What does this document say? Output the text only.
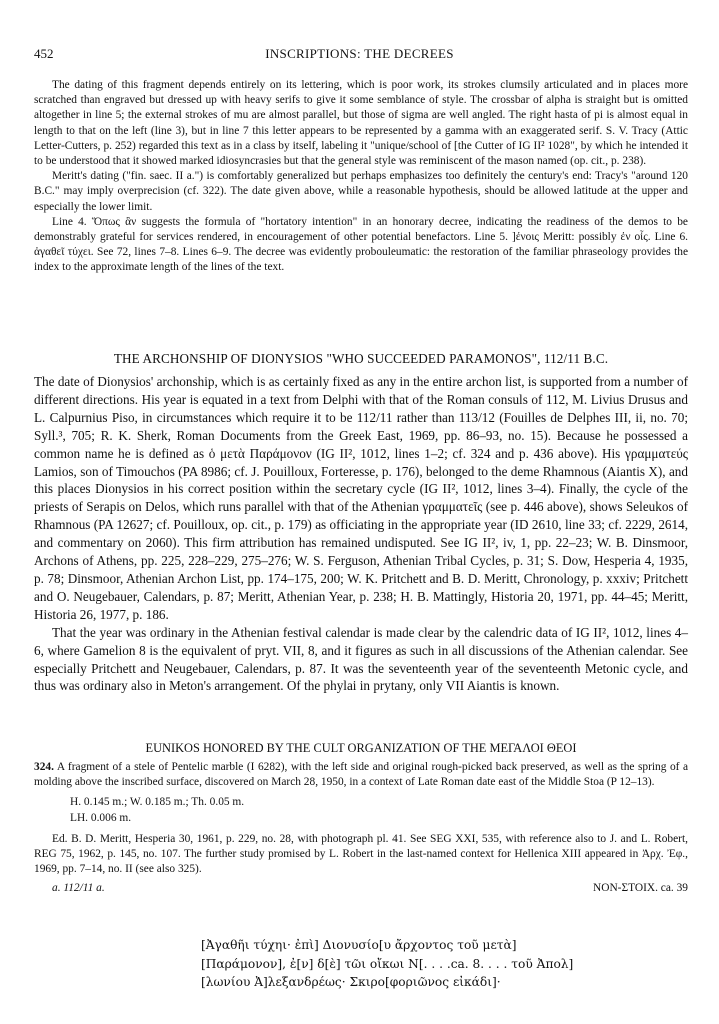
452	INSCRIPTIONS: THE DECREES

The dating of this fragment depends entirely on its lettering, which is poor work, its strokes clumsily articulated and in places more scratched than engraved but dressed up with heavy serifs to give it some semblance of style. The crossbar of alpha is straight but is omitted altogether in line 5; the external strokes of mu are almost parallel, but those of sigma are well angled. The right hasta of pi is almost equal in length to that on the left (line 3), but in line 7 this letter appears to be represented by a gamma with an exaggerated serif. S. V. Tracy (Attic Letter-Cutters, p. 252) regarded this text as in a class by itself, labeling it "unique/school of [the Cutter of IG II² 1028", by which he intended it to be understood that it showed marked idiosyncrasies but that the general style was reminiscent of the mason named (op. cit., p. 238).

Meritt's dating ("fin. saec. II a.") is comfortably generalized but perhaps emphasizes too definitely the century's end: Tracy's "around 120 B.C." may imply overprecision (cf. 322). The date given above, while a reasonable hypothesis, should be allowed latitude at the upper and especially the lower limit.

Line 4. Ὅπως ἂν suggests the formula of "hortatory intention" in an honorary decree, indicating the readiness of the demos to be demonstrably grateful for services rendered, in encouragement of other potential benefactors. Line 5. ]ένοις Meritt: possibly ἐν οἷς. Line 6. ἀγαθεῖ τύχει. See 72, lines 7–8. Lines 6–9. The decree was evidently probouleumatic: the restoration of the familiar phraseology provides the index to the approximate length of the lines of the text.

THE ARCHONSHIP OF DIONYSIOS "WHO SUCCEEDED PARAMONOS", 112/11 B.C.

The date of Dionysios' archonship, which is as certainly fixed as any in the entire archon list, is supported from a number of different directions. His year is equated in a text from Delphi with that of the Roman consuls of 112, M. Livius Drusus and L. Calpurnius Piso, in circumstances which require it to be 112/11 rather than 113/12 (Fouilles de Delphes III, ii, no. 70; Syll.³, 705; R. K. Sherk, Roman Documents from the Greek East, 1969, pp. 86–93, no. 15). Because he possessed a common name he is defined as ὁ μετὰ Παράμονον (IG II², 1012, lines 1–2; cf. 324 and p. 436 above). His γραμματεύς Lamios, son of Timouchos (PA 8986; cf. J. Pouilloux, Forteresse, p. 176), belonged to the deme Rhamnous (Aiantis X), and this places Dionysios in his correct position within the secretary cycle (IG II², 1012, lines 3–4). Finally, the cycle of the priests of Serapis on Delos, which runs parallel with that of the Athenian γραμματεῖς (see p. 446 above), shows Seleukos of Rhamnous (PA 12627; cf. Pouilloux, op. cit., p. 179) as officiating in the appropriate year (ID 2610, line 33; cf. 2229, 2614, and commentary on 2060). This firm attribution has remained undisputed. See IG II², iv, 1, pp. 22–23; W. B. Dinsmoor, Archons of Athens, pp. 225, 228–229, 275–276; W. S. Ferguson, Athenian Tribal Cycles, p. 31; S. Dow, Hesperia 4, 1935, p. 78; Dinsmoor, Athenian Archon List, pp. 174–175, 200; W. K. Pritchett and B. D. Meritt, Chronology, p. xxxiv; Pritchett and O. Neugebauer, Calendars, p. 87; Meritt, Athenian Year, p. 238; H. B. Mattingly, Historia 20, 1971, pp. 44–45; Meritt, Historia 26, 1977, p. 186.

That the year was ordinary in the Athenian festival calendar is made clear by the calendric data of IG II², 1012, lines 4–6, where Gamelion 8 is the equivalent of pryt. VII, 8, and it figures as such in all discussions of the Athenian calendar. See especially Pritchett and Neugebauer, Calendars, p. 87. It was the seventeenth year of the seventeenth Metonic cycle, and thus was ordinary also in Meton's arrangement. Of the phylai in prytany, only VII Aiantis is known.

EUNIKOS HONORED BY THE CULT ORGANIZATION OF THE ΜΕΓΑΛΟΙ ΘΕΟΙ

324. A fragment of a stele of Pentelic marble (I 6282), with the left side and original rough-picked back preserved, as well as the spring of a molding above the inscribed surface, discovered on March 28, 1950, in a context of Late Roman date east of the Middle Stoa (P 12–13).

H. 0.145 m.; W. 0.185 m.; Th. 0.05 m.

LH. 0.006 m.

Ed. B. D. Meritt, Hesperia 30, 1961, p. 229, no. 28, with photograph pl. 41. See SEG XXI, 535, with reference also to J. and L. Robert, REG 75, 1962, p. 145, no. 107. The further study promised by L. Robert in the last-named context for Hellenica XIII appeared in Ἀρχ. Ἐφ., 1969, pp. 7–14, no. II (see also 325).

a. 112/11 a.	NON-ΣΤΟΙΧ. ca. 39
[Ἀγαθῆι τύχηι· ἐπὶ] Διονυσίο[υ ἄρχοντος τοῦ μετὰ]
[Παράμονον], ἐ[ν] δ[ὲ] τῶι οἴκωι Ν[. . . .ca. 8. . . . τοῦ Ἀπολ]
[λωνίου Ἀ]λεξανδρέως· Σκιρο[φοριῶνος εἰκάδι]·
